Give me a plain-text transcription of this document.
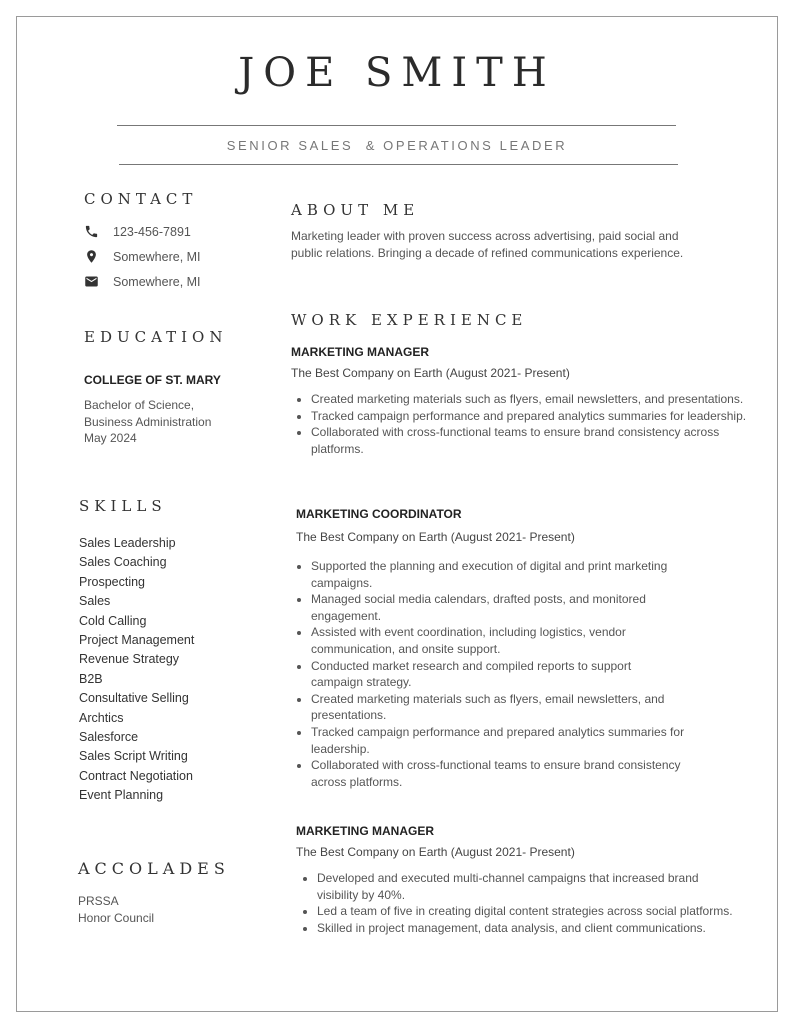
JOE SMITH
SENIOR SALES  & OPERATIONS LEADER
CONTACT
123-456-7891
Somewhere, MI
Somewhere, MI
EDUCATION
COLLEGE OF ST. MARY
Bachelor of Science,
Business Administration
May 2024
SKILLS
Sales Leadership
Sales Coaching
Prospecting
Sales
Cold Calling
Project Management
Revenue Strategy
B2B
Consultative Selling
Archtics
Salesforce
Sales Script Writing
Contract Negotiation
Event Planning
ACCOLADES
PRSSA
Honor Council
ABOUT ME
Marketing leader with proven success across advertising, paid social and public relations. Bringing a decade of refined communications experience.
WORK EXPERIENCE
MARKETING MANAGER
The Best Company on Earth (August 2021- Present)
• Created marketing materials such as flyers, email newsletters, and presentations.
• Tracked campaign performance and prepared analytics summaries for leadership.
• Collaborated with cross-functional teams to ensure brand consistency across platforms.
MARKETING COORDINATOR
The Best Company on Earth (August 2021- Present)
• Supported the planning and execution of digital and print marketing campaigns.
• Managed social media calendars, drafted posts, and monitored engagement.
• Assisted with event coordination, including logistics, vendor communication, and onsite support.
• Conducted market research and compiled reports to support campaign strategy.
• Created marketing materials such as flyers, email newsletters, and presentations.
• Tracked campaign performance and prepared analytics summaries for leadership.
• Collaborated with cross-functional teams to ensure brand consistency across platforms.
MARKETING MANAGER
The Best Company on Earth (August 2021- Present)
• Developed and executed multi-channel campaigns that increased brand visibility by 40%.
• Led a team of five in creating digital content strategies across social platforms.
• Skilled in project management, data analysis, and client communications.
